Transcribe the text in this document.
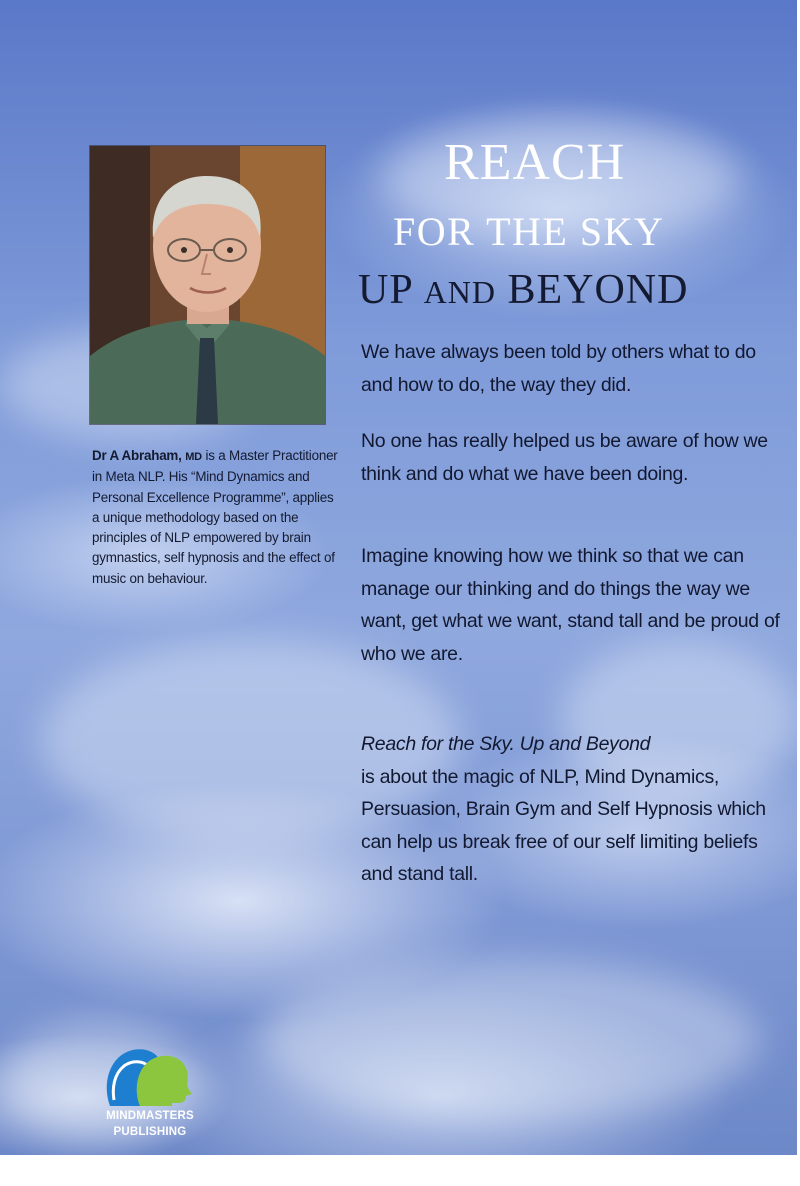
Dr A Abraham, MD is a Master Practitioner in Meta NLP. His “Mind Dynamics and Personal Excellence Programme”, applies a unique methodology based on the principles of NLP empowered by brain gymnastics, self hypnosis and the effect of music on behaviour.
REACH
FOR THE SKY
UP AND BEYOND
We have always been told by others what to do and how to do, the way they did.
No one has really helped us be aware of how we think and do what we have been doing.
Imagine knowing how we think so that we can manage our thinking and do things the way we want, get what we want, stand tall and be proud of who we are.
Reach for the Sky. Up and Beyond
is about the magic of NLP, Mind Dynamics, Persuasion, Brain Gym and Self Hypnosis which can help us break free of our self limiting beliefs and stand tall.
MINDMASTERS
PUBLISHING
